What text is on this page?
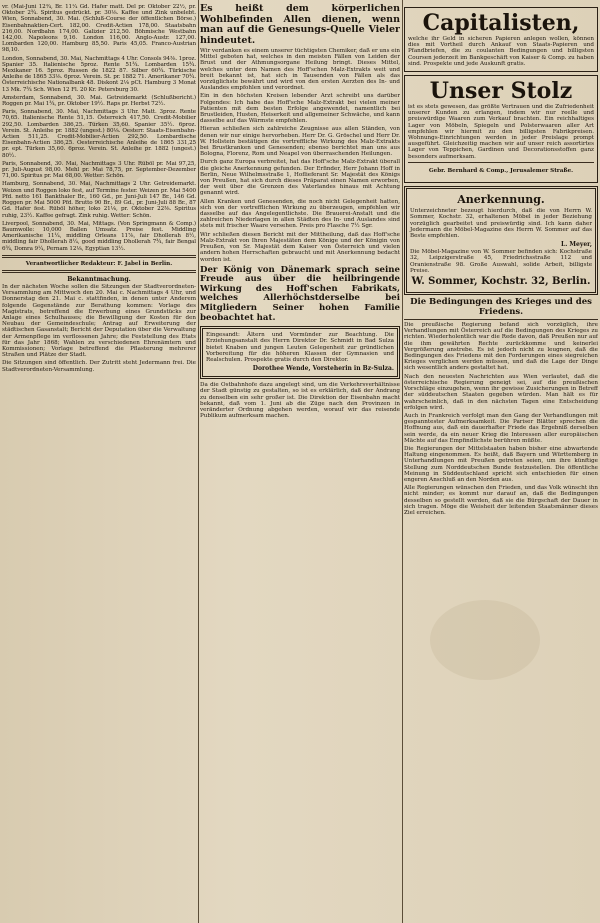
vr. (Mai-Juni 12¾, Br. 11¼ Gd. Hafer matt. Del pr. Oktober 22½, pr. Oktober 2¾. Spiritus gedrückt. pr. 30⅛. Kaffee und Zink unbelebt. Wien, Sonnabend, 30. Mai. (Schluß-Course der öffentlichen Börse.) Eisenbahnaktien-Cert. 182,00. Credit-Actien 178,00. Staatsbahn 216,00. Nordbahn 174,00. Galizier 212,50. Böhmische Westbahn 142,00. Napoleons 9,16. London 116,00. Anglo-Austr. 127,00. Lombarden 120,00. Hamburg 85,50. Paris 45,05. Franco-Austrian 98,10.

London, Sonnabend, 30. Mai, Nachmittags 4 Uhr. Consols 94⅜. 1proz. Spanier 35. Italienische 5proz. Rente 51¾. Lombarden 15¾. Mexikaner 16. 5proz. Russen de 1822 87. Silber 60¾. Türkische Anleihe de 1865 33⅛. 6proz. Verein. St. pr. 1882 71. Amerikaner 70¾. Österreichische Nationalbank 48. Diskont 2⅛ pCt. Hamburg 3 Monat 13 Mk. 7¾ Sch. Wien 12 Fl. 20 Kr. Petersburg 30.

Amsterdam, Sonnabend, 30. Mai. Getreidemarkt (Schlußbericht.) Roggen pr. Mai 1¾, pr. Oktober 19½. Raps pr. Herbst 72½.

Paris, Sonnabend, 30. Mai, Nachmittags 3 Uhr. Matt. 3proz. Rente 70,65. Italienische Rente 51,15. Österreich 417,50. Credit-Mobilier 292,50. Lombarden 386,25. Türken 35,60. Spanier 35½. 6proz. Verein. St. Anleihe pr. 1882 (ungest.) 80⅛. Oesterr. Staats-Eisenbahn-Actien 511,25. Credit-Mobilier-Actien 292,50. Lombardische Eisenbahn-Actien 386,25. Oesterreichische Anleihe de 1865 331,25 pr. ept. Türken 35,60. 6proz. Verein. St. Anleihe pr. 1882 (ungest.) 80½.

Paris, Sonnabend, 30. Mai, Nachmittags 3 Uhr. Rüböl pr. Mai 97,25, pr. Juli-August 98,00. Mehl pr. Mai 78,75, pr. September-Dezember 71,00. Spiritus pr. Mai 68,00. Wetter: Schön.

Hamburg, Sonnabend, 30. Mai, Nachmittags 2 Uhr. Getreidemarkt. Weizen und Roggen loko fest, auf Termine fester. Weizen pr. Mai 5400 Pfd. netto 161 Bankthaler Br., 160 Gd., pr. Juni-Juli 147 Br., 146 Gd. Roggen pr. Mai 5000 Pfd. Brutto 90 Br., 89 Gd., pr. Juni-Juli 88 Br., 87 Gd. Hafer fest. Rüböl höher, loko 21⅛, pr. Oktober 22⅜. Spiritus ruhig, 23½. Kaffee gefragt. Zink ruhig. Wetter: Schön.

Liverpool, Sonnabend, 30. Mai, Mittags. (Von Springmann & Comp.) Baumwolle: 10,000 Ballen Umsatz. Preise fest. Middling Amerikanische 11¼, middling Orleans 11⅞, fair Dhollerah 8½, middling fair Dhollerah 8¼, good middling Dhollerah 7¾, fair Bengal 6¾, Domra 9¼, Pernam 12⅛, Egyptian 13½.

Verantwortlicher Redakteur: F. Jabel in Berlin.

Bekanntmachung.

In der nächsten Woche sollen die Sitzungen der Stadtverordneten-Versammlung am Mittwoch den 20. Mai c. Nachmittags 4 Uhr, und Donnerstag den 21. Mai c. stattfinden, in denen unter Anderem folgende Gegenstände zur Berathung kommen: Vorlage des Magistrats, betreffend die Erwerbung eines Grundstücks zur Anlage eines Schulhauses; die Bewilligung der Kosten für den Neubau der Gemeindeschule; Antrag auf Erweiterung der städtischen Gasanstalt; Bericht der Deputation über die Verwaltung der Armenpflege im verflossenen Jahre; die Feststellung des Etats für das Jahr 1868; Wahlen zu verschiedenen Ehrenämtern und Kommissionen; Vorlage betreffend die Pflasterung mehrerer Straßen und Plätze der Stadt.

Die Sitzungen sind öffentlich. Der Zutritt steht Jedermann frei. Die Stadtverordneten-Versammlung.

Es heißt dem körperlichen Wohlbefinden Allen dienen, wenn man auf die Genesungs-Quelle Vieler hindeutet.

Wir verdanken es einem unserer tüchtigsten Chemiker, daß er uns ein Mittel geboten hat, welches in den meisten Fällen von Leiden der Brust und der Athmungsorgane Heilung bringt. Dieses Mittel, welches unter dem Namen des Hoff'schen Malz-Extrakts weit und breit bekannt ist, hat sich in Tausenden von Fällen als das vorzüglichste bewährt und wird von den ersten Aerzten des In- und Auslandes empfohlen und verordnet.

Ein in den höchsten Kreisen lebender Arzt schreibt uns darüber Folgendes: Ich habe das Hoff'sche Malz-Extrakt bei vielen meiner Patienten mit dem besten Erfolge angewendet, namentlich bei Brustleiden, Husten, Heiserkeit und allgemeiner Schwäche, und kann dasselbe auf das Wärmste empfehlen.

Hieran schließen sich zahlreiche Zeugnisse aus allen Ständen, von denen wir nur einige hervorheben. Herr Dr. G. Gröschel und Herr Dr. W. Hollstein bestätigen die vortreffliche Wirkung des Malz-Extrakts bei Brustkranken und Genesenden; ebenso berichtet man uns aus Bologna, Florenz, Rom und Neapel von überraschenden Heilungen.

Durch ganz Europa verbreitet, hat das Hoff'sche Malz-Extrakt überall die gleiche Anerkennung gefunden. Der Erfinder, Herr Johann Hoff in Berlin, Neue Wilhelmsstraße 1, Hoflieferant Sr. Majestät des Königs von Preußen, hat sich durch dieses Präparat einen Namen erworben, der weit über die Grenzen des Vaterlandes hinaus mit Achtung genannt wird.

Allen Kranken und Genesenden, die noch nicht Gelegenheit hatten, sich von der vortrefflichen Wirkung zu überzeugen, empfehlen wir dasselbe auf das Angelegentlichste. Die Brauerei-Anstalt und die zahlreichen Niederlagen in allen Städten des In- und Auslandes sind stets mit frischer Waare versehen. Preis pro Flasche 7½ Sgr.

Wir schließen diesen Bericht mit der Mittheilung, daß das Hoff'sche Malz-Extrakt von Ihren Majestäten dem Könige und der Königin von Preußen, von Sr. Majestät dem Kaiser von Österreich und vielen andern hohen Herrschaften gebraucht und mit Anerkennung bedacht worden ist.

Der König von Dänemark sprach seine Freude aus über die heilbringende Wirkung des Hoff'schen Fabrikats, welches Allerhöchstderselbe bei Mitgliedern Seiner hohen Familie beobachtet hat.

Eingesandt: Ältern und Vormünder zur Beachtung. Die Erziehungsanstalt des Herrn Direktor Dr. Schmidt in Bad Sulza bietet Knaben und jungen Leuten Gelegenheit zur gründlichen Vorbereitung für die höheren Klassen der Gymnasien und Realschulen. Prospekte gratis durch den Direktor.

Dorothee Wende, Vorsteherin in Bz-Sulza.

Da die Ostbahnhofe dazu angelegt sind, um die Verkehrsverhältnisse der Stadt günstig zu gestalten, so ist es erklärlich, daß der Andrang zu denselben ein sehr großer ist. Die Direktion der Eisenbahn macht bekannt, daß vom 1. Juni ab die Züge nach den Provinzen in veränderter Ordnung abgehen werden, worauf wir das reisende Publikum aufmerksam machen.

Capitalisten,

welche ihr Geld in sicheren Papieren anlegen wollen, können dies mit Vortheil durch Ankauf von Staats-Papieren und Pfandbriefen, die zu coulanten Bedingungen und billigsten Coursen jederzeit im Bankgeschäft von Kaiser & Comp. zu haben sind. Prospekte und jede Auskunft gratis.

Unser Stolz

ist es stets gewesen, das größte Vertrauen und die Zufriedenheit unserer Kunden zu erlangen, indem wir nur reelle und preiswürdige Waaren zum Verkauf brachten. Ein reichhaltiges Lager von Möbeln, Spiegeln und Polsterwaaren aller Art empfehlen wir hiermit zu den billigsten Fabrikpreisen. Wohnungs-Einrichtungen werden in jeder Preislage prompt ausgeführt. Gleichzeitig machen wir auf unser reich assortirtes Lager von Teppichen, Gardinen und Decorationsstoffen ganz besonders aufmerksam.

Gebr. Bernhard & Comp., Jerusalemer Straße.

Anerkennung.

Unterzeichneter bezeugt hierdurch, daß die von Herrn W. Sommer, Kochstr. 32, erhaltenen Möbel in jeder Beziehung vorzüglich gearbeitet und preiswürdig sind. Ich kann daher Jedermann die Möbel-Magazine des Herrn W. Sommer auf das Beste empfehlen.

L. Meyer,

Die Möbel-Magazine von W. Sommer befinden sich: Kochstraße 32, Leipzigerstraße 45, Friedrichsstraße 112 und Oranienstraße 98. Große Auswahl, solide Arbeit, billigste Preise.

W. Sommer, Kochstr. 32, Berlin.

Die Bedingungen des Krieges und des Friedens.

Die preußische Regierung befand sich vorzüglich, ihre Verhandlungen mit Österreich auf die Bedingungen des Krieges zu richten. Wiederholentlich war die Rede davon, daß Preußen nur auf die ihm gewährten Rechte zurückkomme und keinerlei Vergrößerung anstrebe. Es ist jedoch nicht zu leugnen, daß die Bedingungen des Friedens mit den Forderungen eines siegreichen Krieges verglichen werden müssen, und daß die Lage der Dinge sich wesentlich anders gestaltet hat.

Nach den neuesten Nachrichten aus Wien verlautet, daß die österreichische Regierung geneigt sei, auf die preußischen Vorschläge einzugehen, wenn ihr gewisse Zusicherungen in Betreff der süddeutschen Staaten gegeben würden. Man hält es für wahrscheinlich, daß in den nächsten Tagen eine Entscheidung erfolgen wird.

Auch in Frankreich verfolgt man den Gang der Verhandlungen mit gespanntester Aufmerksamkeit. Die Pariser Blätter sprechen die Hoffnung aus, daß ein dauerhafter Friede das Ergebniß derselben sein werde, da ein neuer Krieg die Interessen aller europäischen Mächte auf das Empfindlichste berühren müßte.

Die Regierungen der Mittelstaaten haben bisher eine abwartende Haltung eingenommen. Es heißt, daß Bayern und Württemberg in Unterhandlungen mit Preußen getreten seien, um ihre künftige Stellung zum Norddeutschen Bunde festzustellen. Die öffentliche Meinung in Süddeutschland spricht sich entschieden für einen engeren Anschluß an den Norden aus.

Alle Regierungen wünschen den Frieden, und das Volk wünscht ihn nicht minder; es kommt nur darauf an, daß die Bedingungen desselben so gestellt werden, daß sie die Bürgschaft der Dauer in sich tragen. Möge die Weisheit der leitenden Staatsmänner dieses Ziel erreichen.
